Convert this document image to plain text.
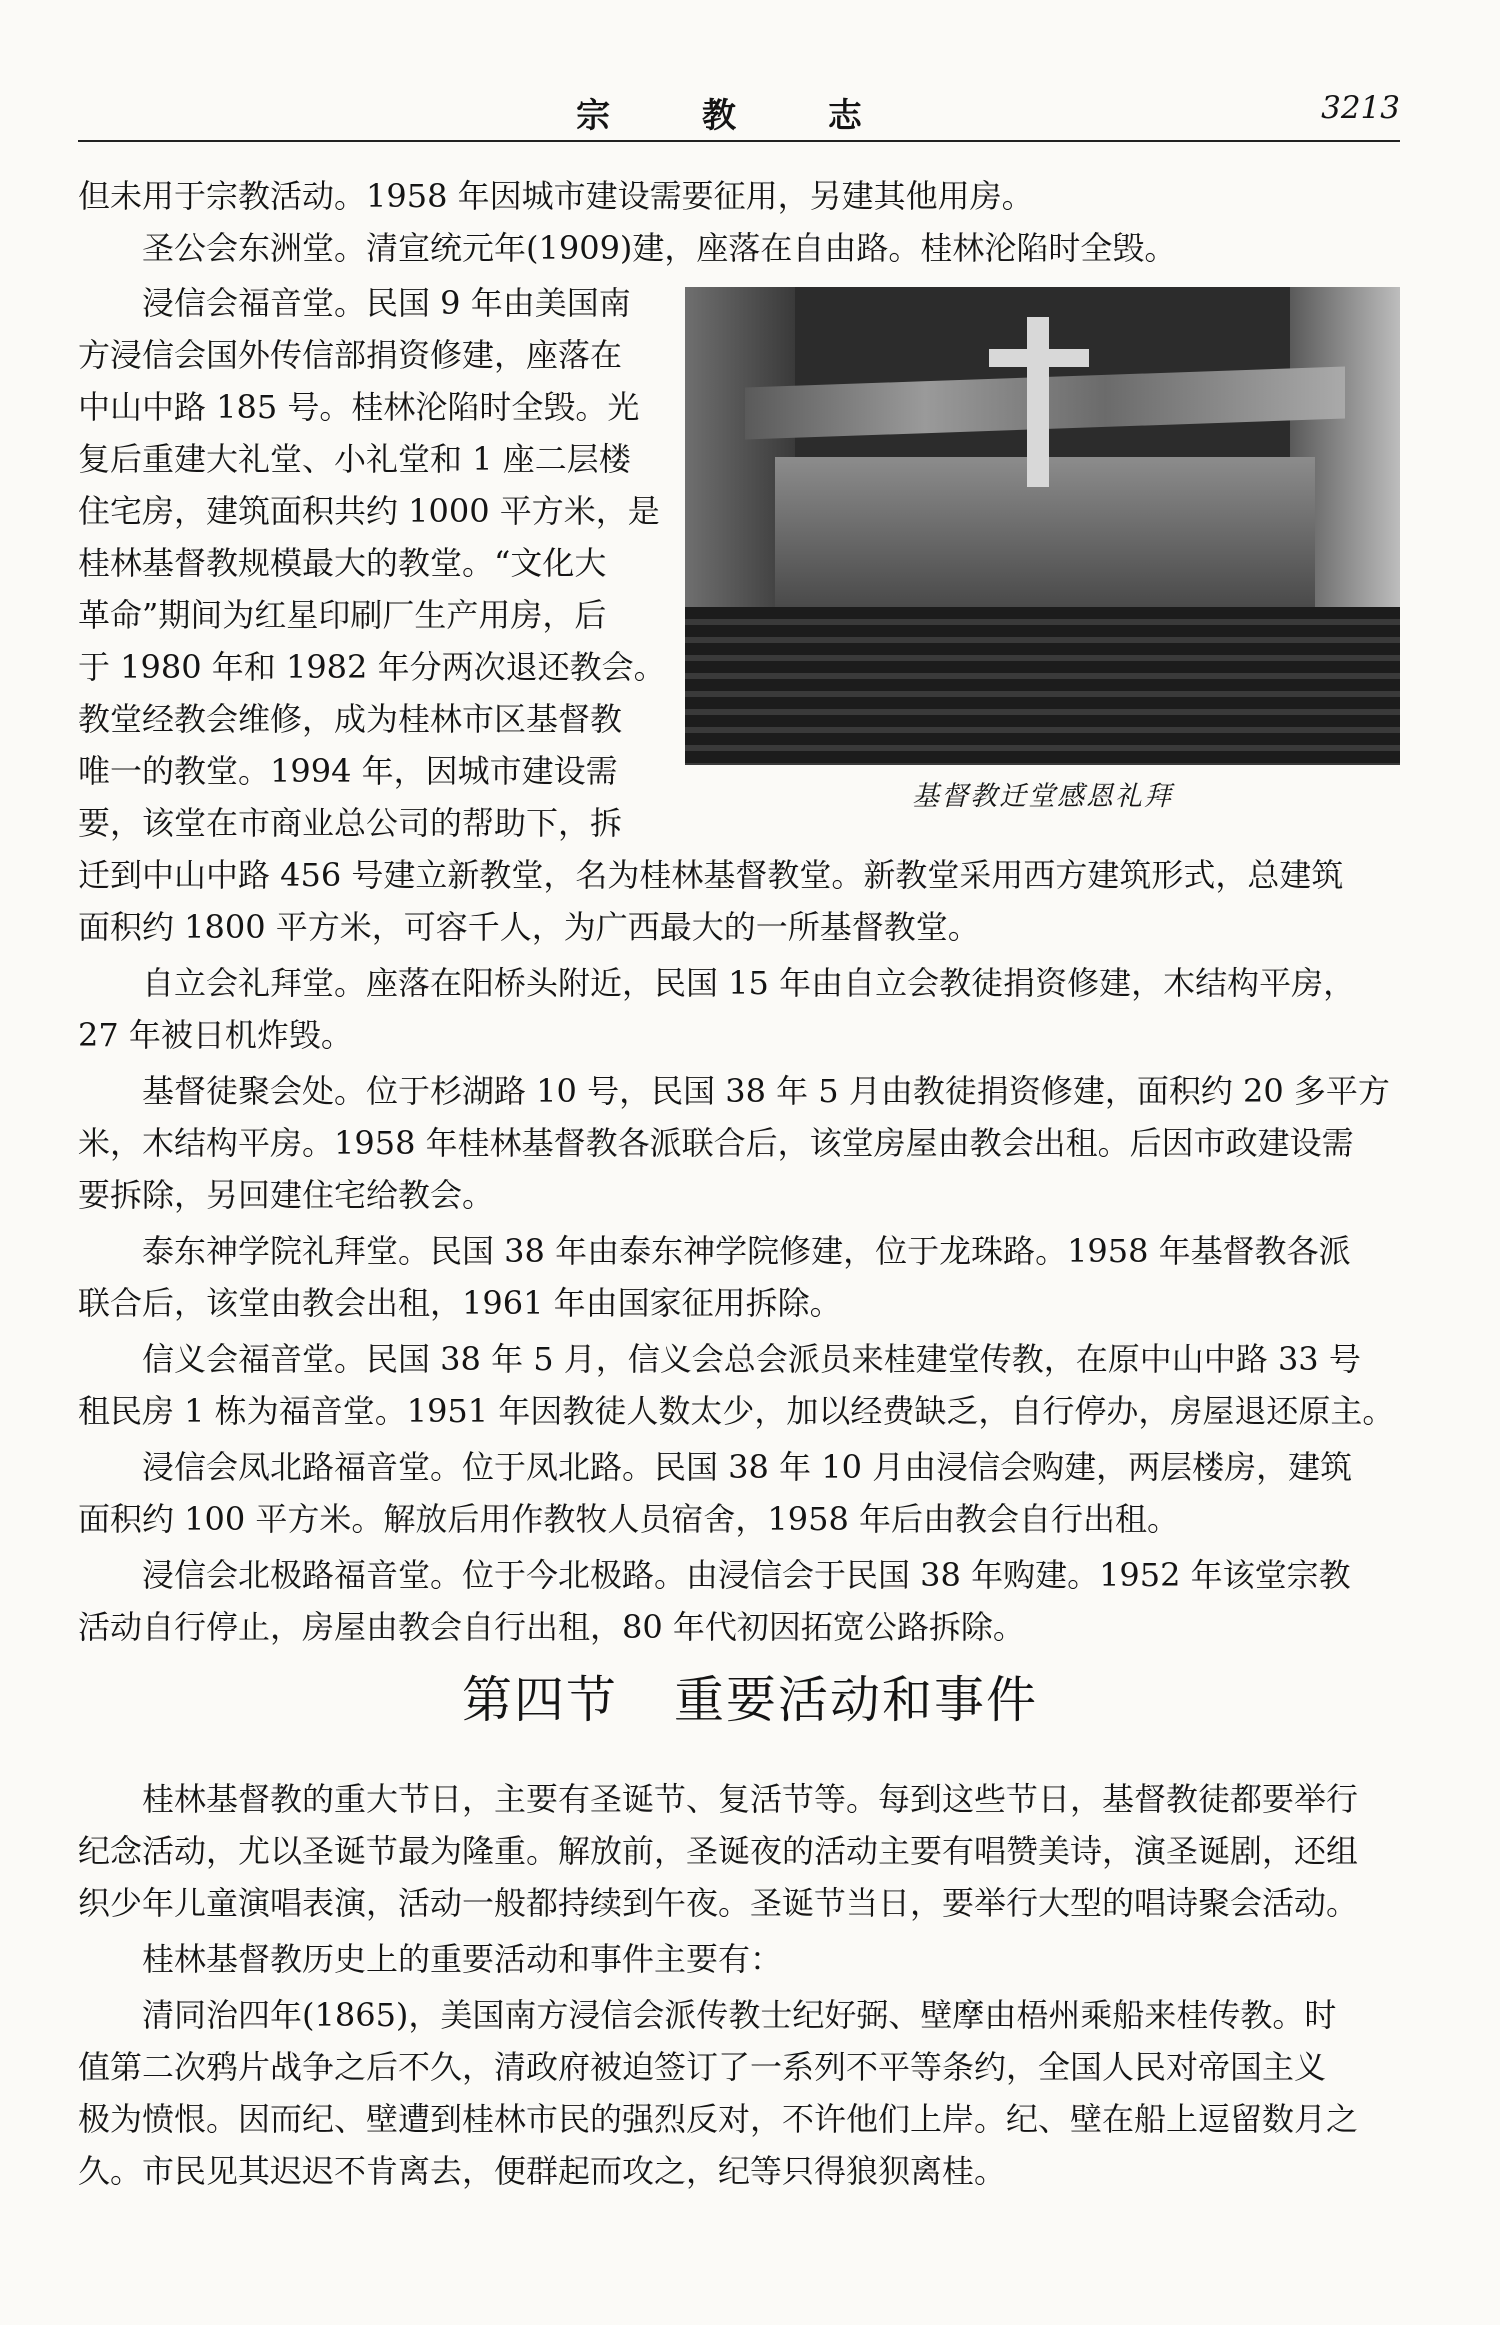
宗 教 志	3213
但未用于宗教活动。1958 年因城市建设需要征用，另建其他用房。
　　圣公会东洲堂。清宣统元年(1909)建，座落在自由路。桂林沦陷时全毁。
　　浸信会福音堂。民国 9 年由美国南
方浸信会国外传信部捐资修建，座落在
中山中路 185 号。桂林沦陷时全毁。光
复后重建大礼堂、小礼堂和 1 座二层楼
住宅房，建筑面积共约 1000 平方米，是
桂林基督教规模最大的教堂。“文化大
革命”期间为红星印刷厂生产用房，后
于 1980 年和 1982 年分两次退还教会。
教堂经教会维修，成为桂林市区基督教
唯一的教堂。1994 年，因城市建设需
要，该堂在市商业总公司的帮助下，拆
基督教迁堂感恩礼拜
迁到中山中路 456 号建立新教堂，名为桂林基督教堂。新教堂采用西方建筑形式，总建筑
面积约 1800 平方米，可容千人，为广西最大的一所基督教堂。
　　自立会礼拜堂。座落在阳桥头附近，民国 15 年由自立会教徒捐资修建，木结构平房，
27 年被日机炸毁。
　　基督徒聚会处。位于杉湖路 10 号，民国 38 年 5 月由教徒捐资修建，面积约 20 多平方
米，木结构平房。1958 年桂林基督教各派联合后，该堂房屋由教会出租。后因市政建设需
要拆除，另回建住宅给教会。
　　泰东神学院礼拜堂。民国 38 年由泰东神学院修建，位于龙珠路。1958 年基督教各派
联合后，该堂由教会出租，1961 年由国家征用拆除。
　　信义会福音堂。民国 38 年 5 月，信义会总会派员来桂建堂传教，在原中山中路 33 号
租民房 1 栋为福音堂。1951 年因教徒人数太少，加以经费缺乏，自行停办，房屋退还原主。
　　浸信会凤北路福音堂。位于凤北路。民国 38 年 10 月由浸信会购建，两层楼房，建筑
面积约 100 平方米。解放后用作教牧人员宿舍，1958 年后由教会自行出租。
　　浸信会北极路福音堂。位于今北极路。由浸信会于民国 38 年购建。1952 年该堂宗教
活动自行停止，房屋由教会自行出租，80 年代初因拓宽公路拆除。
第四节 重要活动和事件
　　桂林基督教的重大节日，主要有圣诞节、复活节等。每到这些节日，基督教徒都要举行
纪念活动，尤以圣诞节最为隆重。解放前，圣诞夜的活动主要有唱赞美诗，演圣诞剧，还组
织少年儿童演唱表演，活动一般都持续到午夜。圣诞节当日，要举行大型的唱诗聚会活动。
　　桂林基督教历史上的重要活动和事件主要有：
　　清同治四年(1865)，美国南方浸信会派传教士纪好弼、壁摩由梧州乘船来桂传教。时
值第二次鸦片战争之后不久，清政府被迫签订了一系列不平等条约，全国人民对帝国主义
极为愤恨。因而纪、壁遭到桂林市民的强烈反对，不许他们上岸。纪、壁在船上逗留数月之
久。市民见其迟迟不肯离去，便群起而攻之，纪等只得狼狈离桂。
